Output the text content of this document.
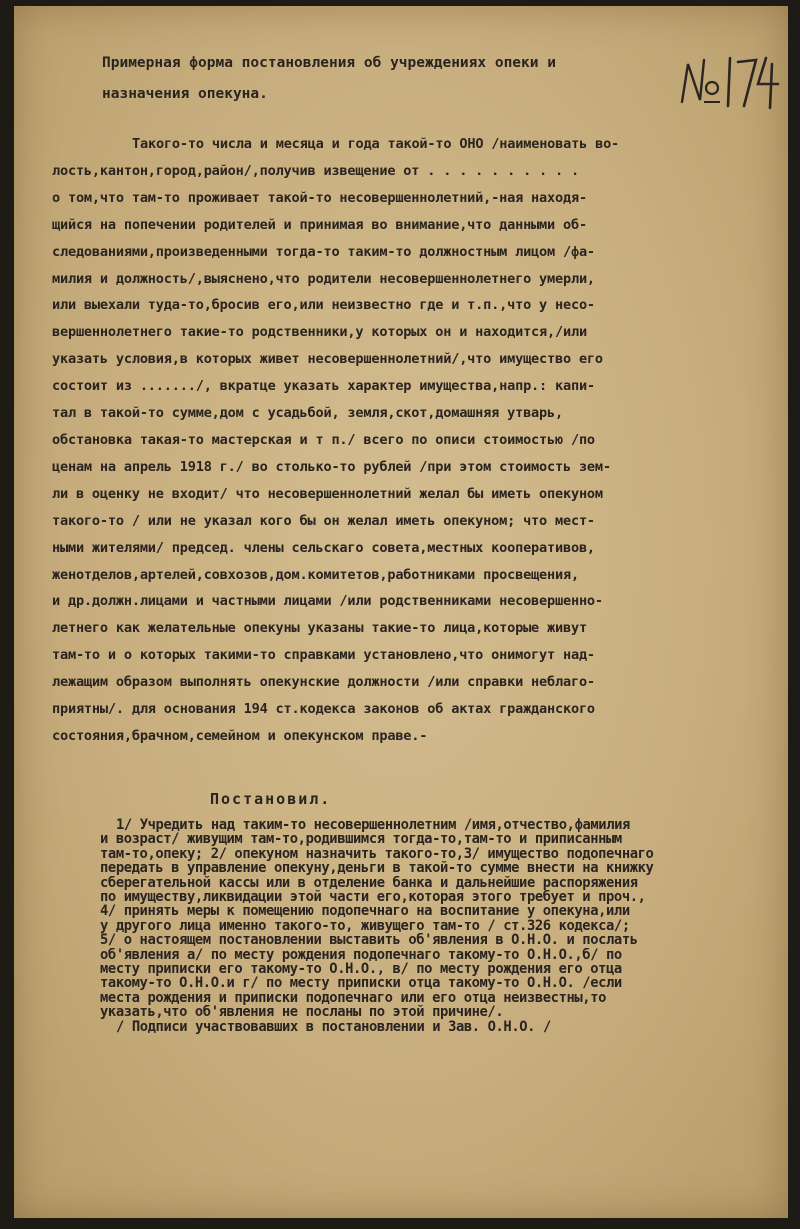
Примерная форма постановления об учреждениях опеки и
назначения опекуна.
Такого-то числа и месяца и года такой-то ОНО /наименовать во-
лость,кантон,город,район/,получив извещение от . . . . . . . . . .
о том,что там-то проживает такой-то несовершеннолетний,-ная находя-
щийся на попечении родителей и принимая во внимание,что данными об-
следованиями,произведенными тогда-то таким-то должностным лицом /фа-
милия и должность/,выяснено,что родители несовершеннолетнего умерли,
или выехали туда-то,бросив его,или неизвестно где и т.п.,что у несо-
вершеннолетнего такие-то родственники,у которых он и находится,/или
указать условия,в которых живет несовершеннолетний/,что имущество его
состоит из ......./, вкратце указать характер имущества,напр.: капи-
тал в такой-то сумме,дом с усадьбой, земля,скот,домашняя утварь,
обстановка такая-то мастерская и т п./ всего по описи стоимостью /по
ценам на апрель 1918 г./ во столько-то рублей /при этом стоимость зем-
ли в оценку не входит/ что несовершеннолетний желал бы иметь опекуном
такого-то / или не указал кого бы он желал иметь опекуном; что мест-
ными жителями/ председ. члены сельскаго совета,местных кооперативов,
женотделов,артелей,совхозов,дом.комитетов,работниками просвещения,
и др.должн.лицами и частными лицами /или родственниками несовершенно-
летнего как желательные опекуны указаны такие-то лица,которые живут
там-то и о которых такими-то справками установлено,что онимогут над-
лежащим образом выполнять опекунские должности /или справки неблаго-
приятны/. для основания 194 ст.кодекса законов об актах гражданского
состояния,брачном,семейном и опекунском праве.-
Постановил.
1/ Учредить над таким-то несовершеннолетним /имя,отчество,фамилия
и возраст/ живущим там-то,родившимся тогда-то,там-то и приписанным
там-то,опеку; 2/ опекуном назначить такого-то,3/ имущество подопечнаго
передать в управление опекуну,деньги в такой-то сумме внести на книжку
сберегательной кассы или в отделение банка и дальнейшие распоряжения
по имуществу,ликвидации этой части его,которая этого требует и проч.,
4/ принять меры к помещению подопечнаго на воспитание у опекуна,или
у другого лица именно такого-то, живущего там-то / ст.326 кодекса/;
5/ о настоящем постановлении выставить об'явления в О.Н.О. и послать
об'явления а/ по месту рождения подопечнаго такому-то О.Н.О.,б/ по
месту приписки его такому-то О.Н.О., в/ по месту рождения его отца
такому-то О.Н.О.и г/ по месту приписки отца такому-то О.Н.О. /если
места рождения и приписки подопечнаго или его отца неизвестны,то
указать,что об'явления не посланы по этой причине/.
/ Подписи участвовавших в постановлении и Зав. О.Н.О. /
